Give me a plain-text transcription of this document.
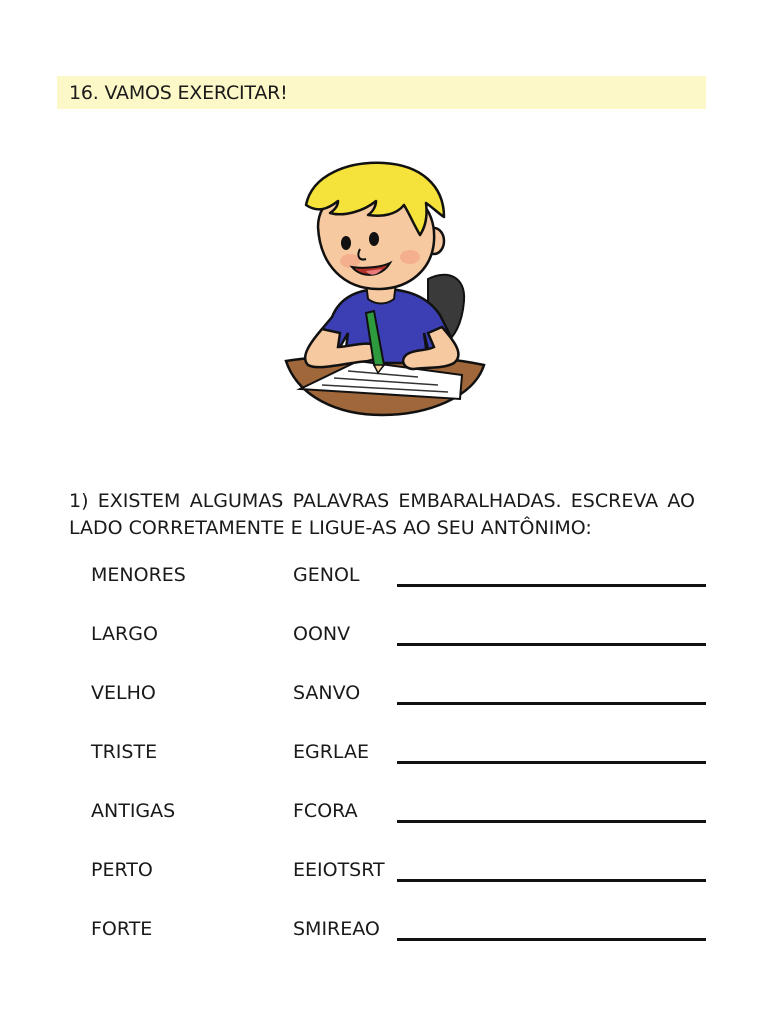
16. VAMOS EXERCITAR!
1) EXISTEM ALGUMAS PALAVRAS EMBARALHADAS. ESCREVA AO LADO CORRETAMENTE E LIGUE-AS AO SEU ANTÔNIMO:
MENORES	GENOL
LARGO	OONV
VELHO	SANVO
TRISTE	EGRLAE
ANTIGAS	FCORA
PERTO	EEIOTSRT
FORTE	SMIREAO
